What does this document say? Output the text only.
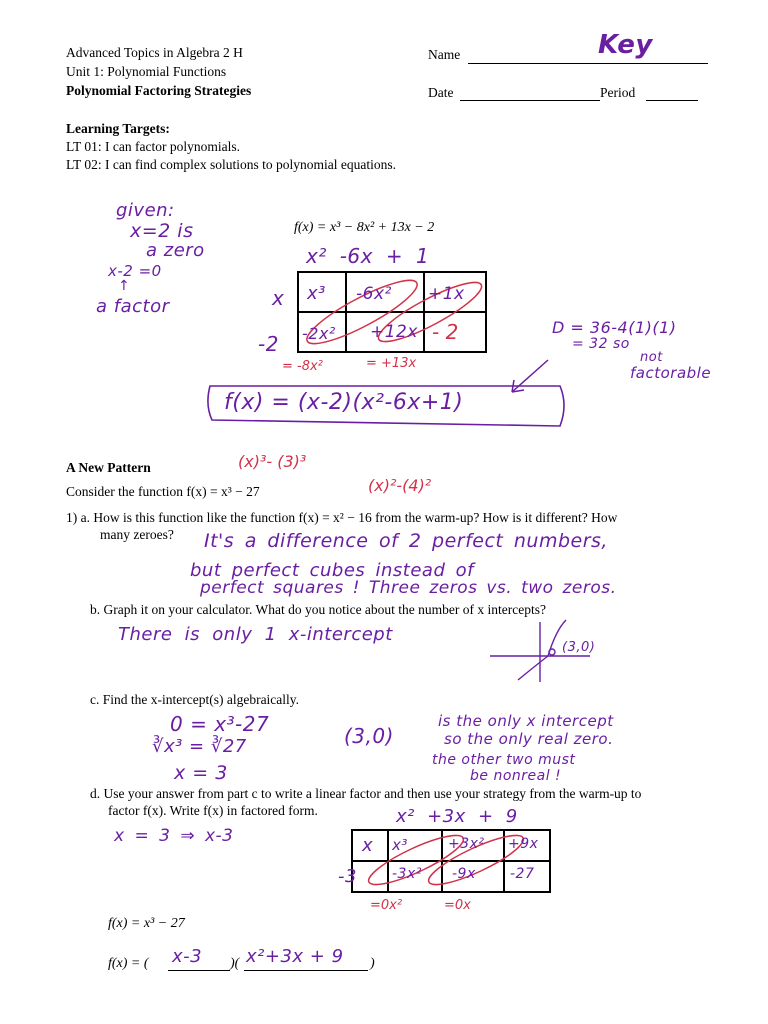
Advanced Topics in Algebra 2 H
Unit 1: Polynomial Functions
Polynomial Factoring Strategies
Name	Key
Date	Period
Learning Targets:
LT 01: I can factor polynomials.
LT 02: I can find complex solutions to polynomial equations.
given:
x=2 is
a zero
x-2 =0
↑
a factor
f(x) = x³ − 8x² + 13x − 2
x² -6x + 1
x
-2
x³ -6x² +1x
-2x² +12x - 2
= -8x²	= +13x
D = 36-4(1)(1)
= 32 so
not
factorable
f(x) = (x-2)(x²-6x+1)
A New Pattern	(x)³- (3)³
Consider the function f(x) = x³ − 27	(x)²-(4)²
1) a. How is this function like the function f(x) = x² − 16 from the warm-up? How is it different? How
many zeroes? It's a difference of 2 perfect numbers,
but perfect cubes instead of
perfect squares ! Three zeros vs. two zeros.
b. Graph it on your calculator. What do you notice about the number of x intercepts?
There is only 1 x-intercept
(3,0)
c. Find the x-intercept(s) algebraically.
0 = x³-27
∛x³ = ∛27
x = 3
(3,0)
is the only x intercept
so the only real zero.
the other two must
be nonreal !
d. Use your answer from part c to write a linear factor and then use your strategy from the warm-up to
factor f(x). Write f(x) in factored form.
x = 3 ⇒ x-3
x² +3x + 9
x
-3
x³	+3x² +9x
-3x² -9x -27
=0x²	=0x
f(x) = x³ − 27
f(x) = ( x-3 )( x²+3x + 9 )
